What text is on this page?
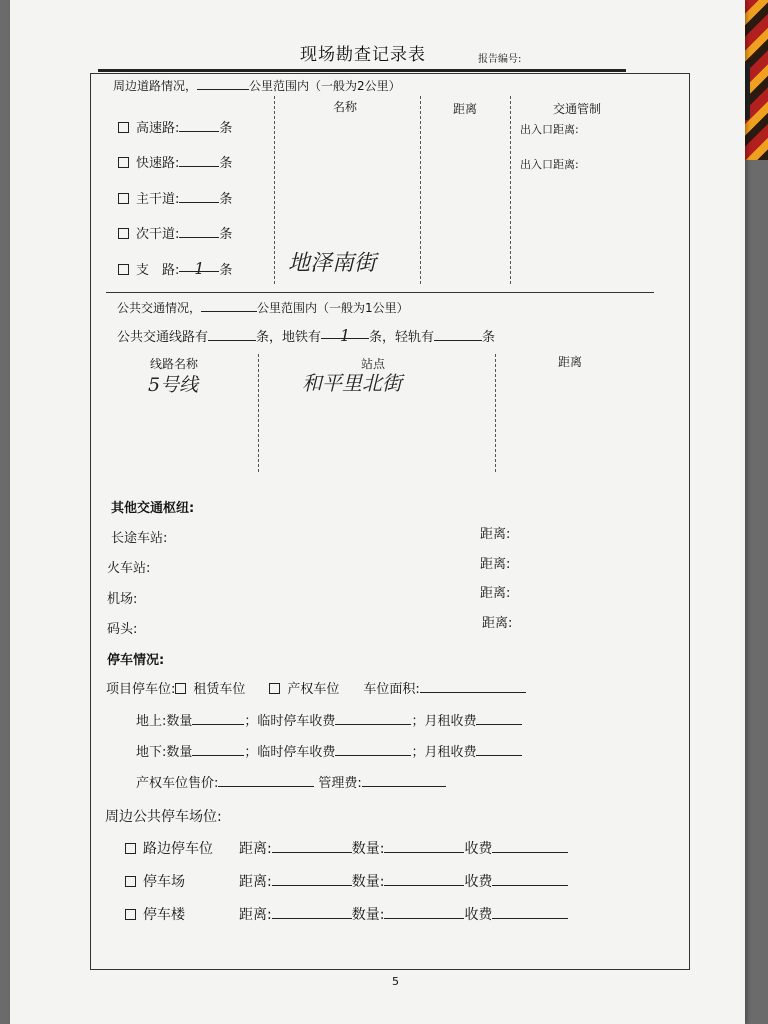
现场勘查记录表	报告编号:
周边道路情况，	公里范围内（一般为2公里）
名称	距离	交通管制
出入口距离:
出入口距离:
高速路:	条
快速路:	条
主干道:	条
次干道:	条
支　路: 1 条	地泽南街
公共交通情况，	公里范围内（一般为1公里）
公共交通线路有	条，地铁有 1 条，轻轨有	条
线路名称	站点	距离
5号线	和平里北街
其他交通枢纽:
长途车站:	距离:
火车站:	距离:
机场:	距离:
码头:	距离:
停车情况:
项目停车位: 租赁车位	产权车位 车位面积:
地上:数量	；临时停车收费	；月租收费
地下:数量	；临时停车收费	；月租收费
产权车位售价:	管理费:
周边公共停车场位:
路边停车位 距离:	数量:	收费
停车场	距离:	数量:	收费
停车楼	距离:	数量:	收费
5
